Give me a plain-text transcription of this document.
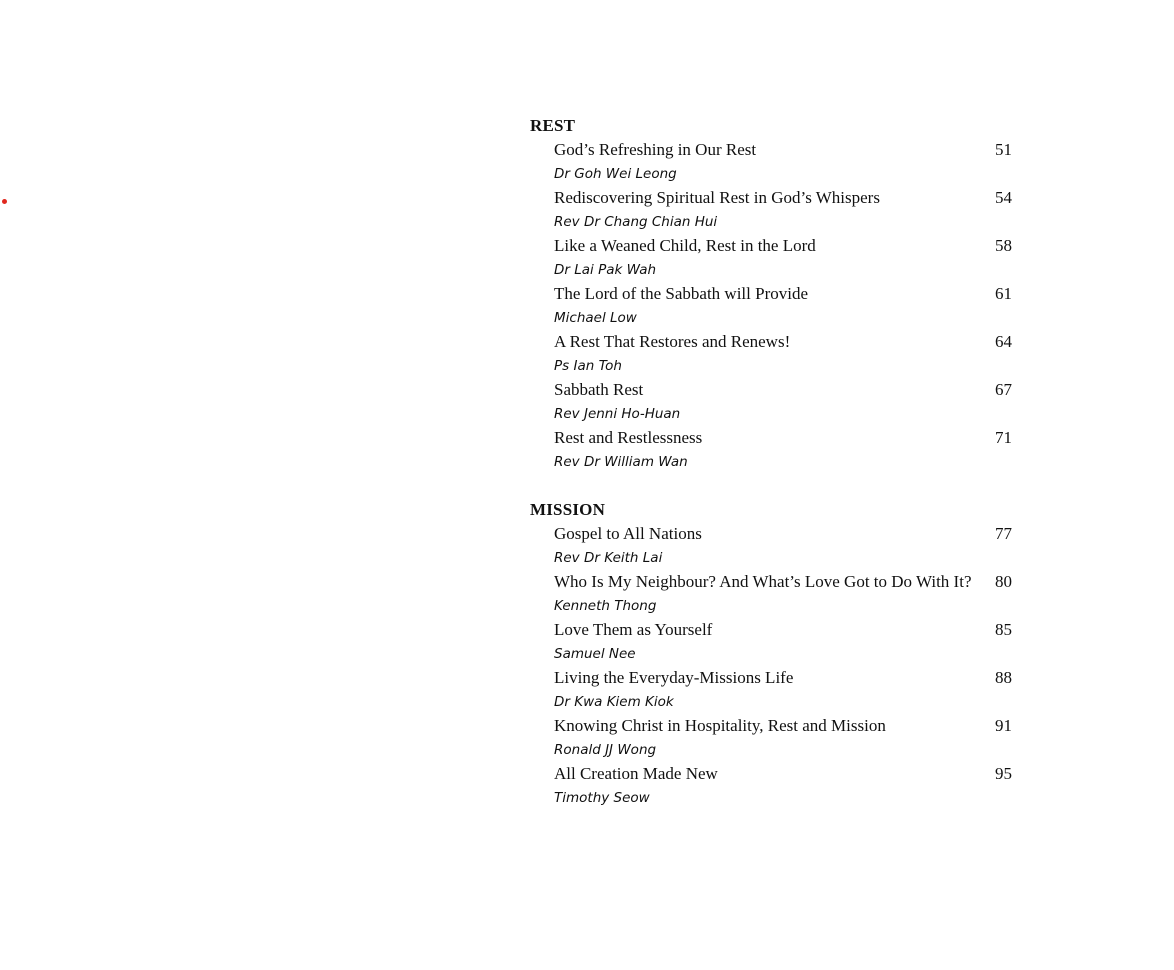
REST
God’s Refreshing in Our Rest	51
Dr Goh Wei Leong
Rediscovering Spiritual Rest in God’s Whispers	54
Rev Dr Chang Chian Hui
Like a Weaned Child, Rest in the Lord	58
Dr Lai Pak Wah
The Lord of the Sabbath will Provide	61
Michael Low
A Rest That Restores and Renews!	64
Ps Ian Toh
Sabbath Rest	67
Rev Jenni Ho-Huan
Rest and Restlessness	71
Rev Dr William Wan
MISSION
Gospel to All Nations	77
Rev Dr Keith Lai
Who Is My Neighbour? And What’s Love Got to Do With It?	80
Kenneth Thong
Love Them as Yourself	85
Samuel Nee
Living the Everyday-Missions Life	88
Dr Kwa Kiem Kiok
Knowing Christ in Hospitality, Rest and Mission	91
Ronald JJ Wong
All Creation Made New	95
Timothy Seow
